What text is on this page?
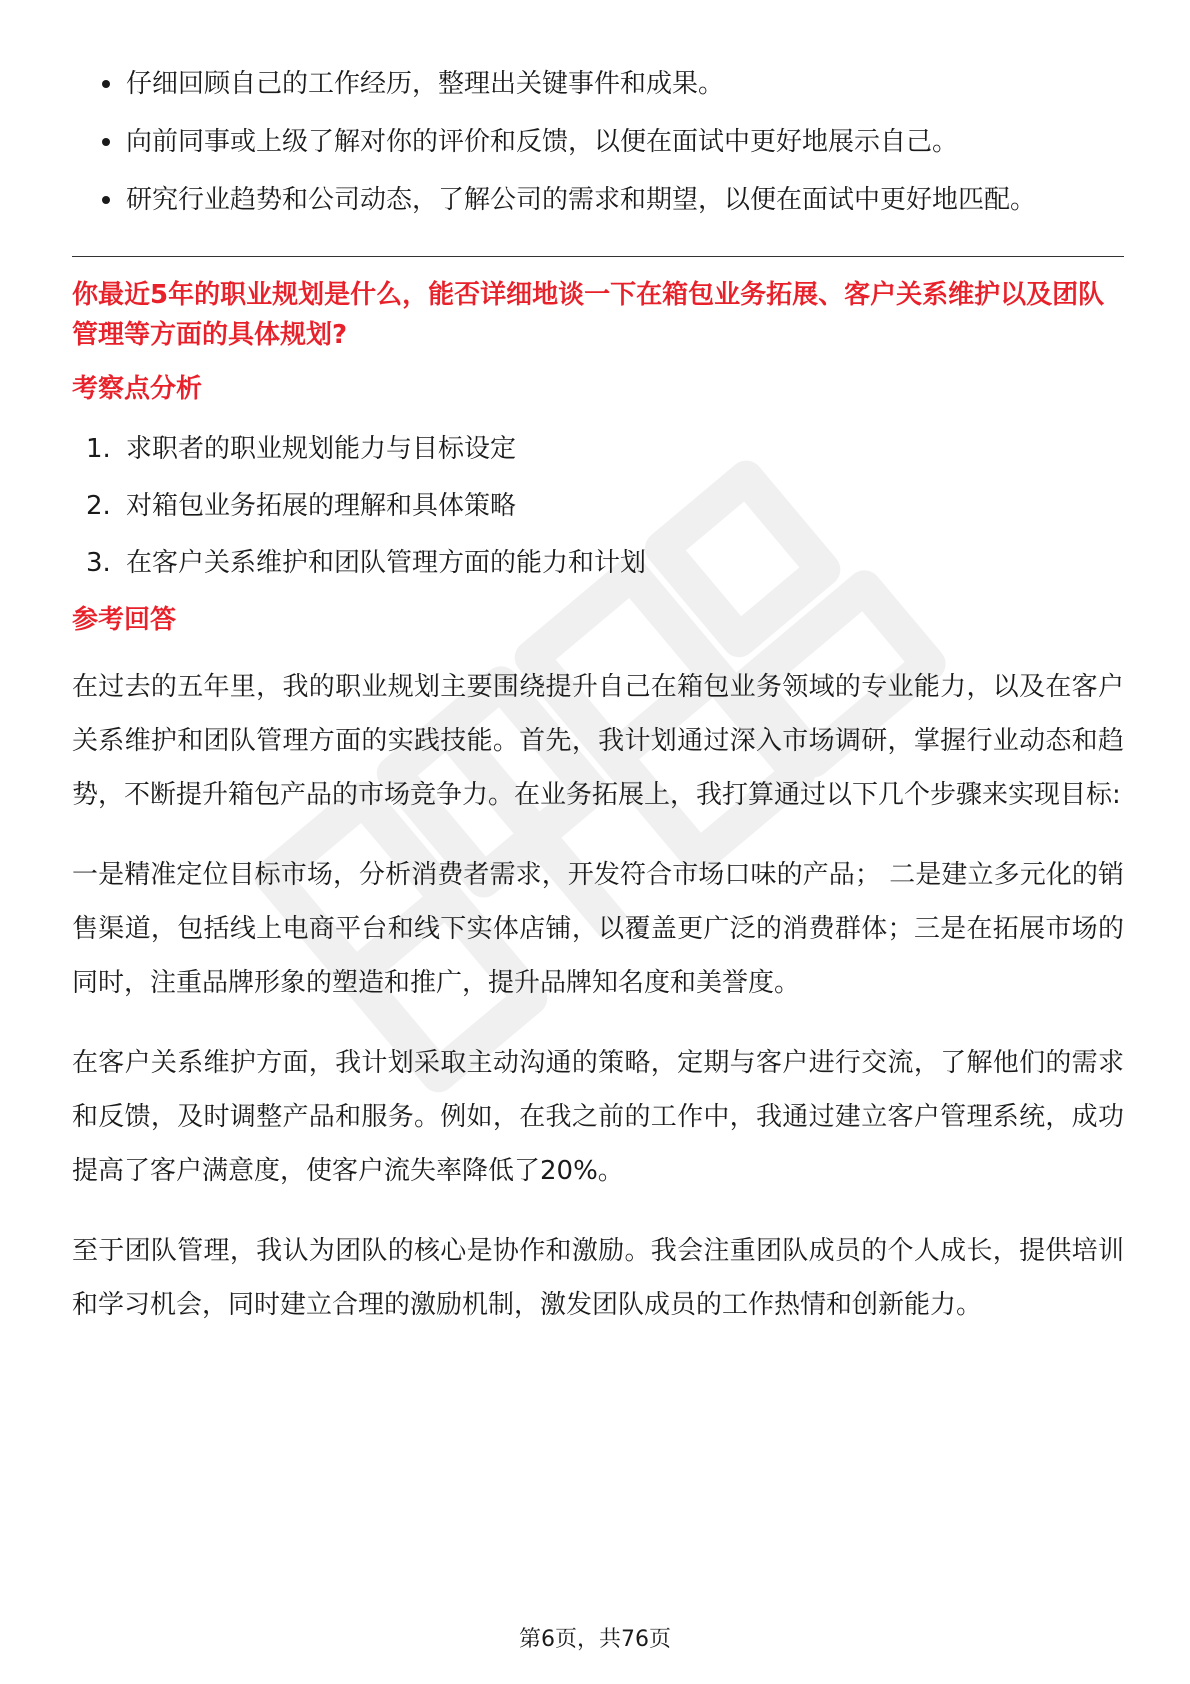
仔细回顾自己的工作经历，整理出关键事件和成果。
向前同事或上级了解对你的评价和反馈，以便在面试中更好地展示自己。
研究行业趋势和公司动态，了解公司的需求和期望，以便在面试中更好地匹配。

你最近5年的职业规划是什么，能否详细地谈一下在箱包业务拓展、客户关系维护以及团队管理等方面的具体规划?

考察点分析
1. 求职者的职业规划能力与目标设定
2. 对箱包业务拓展的理解和具体策略
3. 在客户关系维护和团队管理方面的能力和计划
参考回答

在过去的五年里，我的职业规划主要围绕提升自己在箱包业务领域的专业能力，以及在客户关系维护和团队管理方面的实践技能。首先，我计划通过深入市场调研，掌握行业动态和趋势，不断提升箱包产品的市场竞争力。在业务拓展上，我打算通过以下几个步骤来实现目标:

一是精准定位目标市场，分析消费者需求，开发符合市场口味的产品； 二是建立多元化的销售渠道，包括线上电商平台和线下实体店铺，以覆盖更广泛的消费群体；三是在拓展市场的同时，注重品牌形象的塑造和推广，提升品牌知名度和美誉度。

在客户关系维护方面，我计划采取主动沟通的策略，定期与客户进行交流，了解他们的需求和反馈，及时调整产品和服务。例如，在我之前的工作中，我通过建立客户管理系统，成功提高了客户满意度，使客户流失率降低了20%。

至于团队管理，我认为团队的核心是协作和激励。我会注重团队成员的个人成长，提供培训和学习机会，同时建立合理的激励机制，激发团队成员的工作热情和创新能力。

第6页，共76页
